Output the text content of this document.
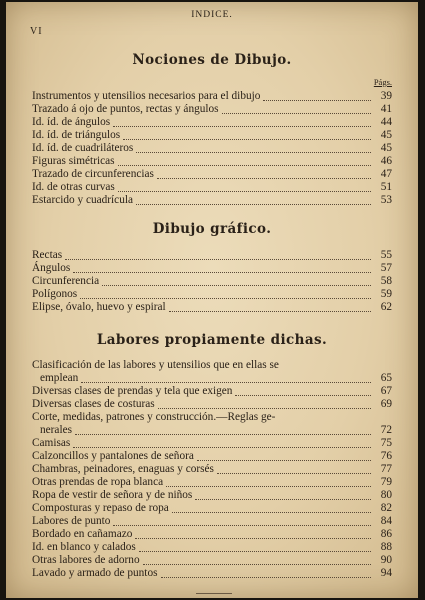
INDICE.
VI
Nociones de Dibujo.
Págs.
Instrumentos y utensilios necesarios para el dibujo	39
Trazado á ojo de puntos, rectas y ángulos	41
Id. íd. de ángulos	44
Id. íd. de triángulos	45
Id. íd. de cuadriláteros	45
Figuras simétricas	46
Trazado de circunferencias	47
Id. de otras curvas	51
Estarcido y cuadrícula	53
Dibujo gráfico.
Rectas	55
Ángulos	57
Circunferencia	58
Polígonos	59
Elipse, óvalo, huevo y espiral	62
Labores propiamente dichas.
Clasificación de las labores y utensilios que en ellas se
emplean	65
Diversas clases de prendas y tela que exigen	67
Diversas clases de costuras	69
Corte, medidas, patrones y construcción.—Reglas ge-
nerales	72
Camisas	75
Calzoncillos y pantalones de señora	76
Chambras, peinadores, enaguas y corsés	77
Otras prendas de ropa blanca	79
Ropa de vestir de señora y de niños	80
Composturas y repaso de ropa	82
Labores de punto	84
Bordado en cañamazo	86
Id. en blanco y calados	88
Otras labores de adorno	90
Lavado y armado de puntos	94
